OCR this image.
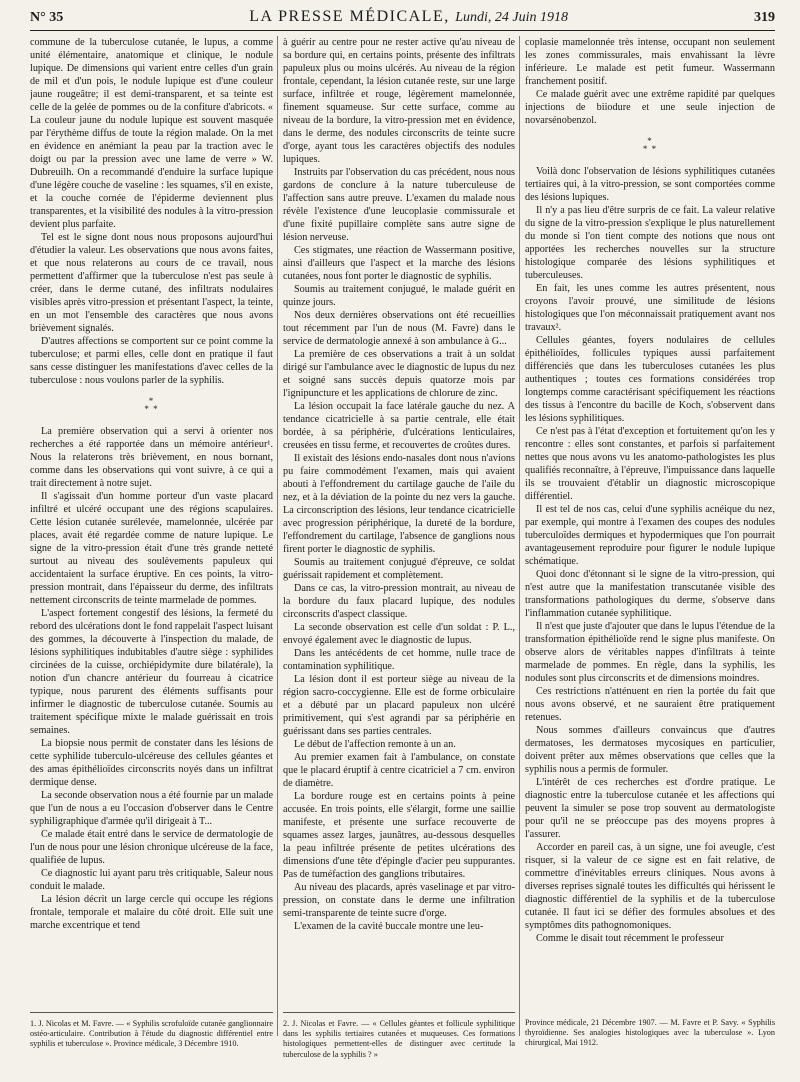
N° 35	LA PRESSE MÉDICALE, Lundi, 24 Juin 1918	319

commune de la tuberculose cutanée, le lupus, a comme unité élémentaire, anatomique et clinique, le nodule lupique. De dimensions qui varient entre celles d'un grain de mil et d'un pois, le nodule lupique est d'une couleur jaune rougeâtre; il est demi-transparent, et sa teinte est celle de la gelée de pommes ou de la confiture d'abricots. « La couleur jaune du nodule lupique est souvent masquée par l'érythème diffus de toute la région malade. On la met en évidence en anémiant la peau par la traction avec le doigt ou par la pression avec une lame de verre » W. Dubreuilh. On a recommandé d'enduire la surface lupique d'une légère couche de vaseline : les squames, s'il en existe, et la couche cornée de l'épiderme deviennent plus transparentes, et la visibilité des nodules à la vitro-pression devient plus parfaite.

Tel est le signe dont nous nous proposons aujourd'hui d'étudier la valeur. Les observations que nous avons faites, et que nous relaterons au cours de ce travail, nous permettent d'affirmer que la tuberculose n'est pas seule à créer, dans le derme cutané, des infiltrats nodulaires visibles après vitro-pression et présentant l'aspect, la teinte, en un mot l'ensemble des caractères que nous avons brièvement signalés.

D'autres affections se comportent sur ce point comme la tuberculose; et parmi elles, celle dont en pratique il faut sans cesse distinguer les manifestations d'avec celles de la tuberculose : nous voulons parler de la syphilis.

*
* *

La première observation qui a servi à orienter nos recherches a été rapportée dans un mémoire antérieur¹. Nous la relaterons très brièvement, en nous bornant, comme dans les observations qui vont suivre, à ce qui a trait directement à notre sujet.

Il s'agissait d'un homme porteur d'un vaste placard infiltré et ulcéré occupant une des régions scapulaires. Cette lésion cutanée surélevée, mamelonnée, ulcérée par places, avait été regardée comme de nature lupique. Le signe de la vitro-pression était d'une très grande netteté surtout au niveau des soulèvements papuleux qui accidentaient la surface éruptive. En ces points, la vitro-pression montrait, dans l'épaisseur du derme, des infiltrats nettement circonscrits de teinte marmelade de pommes.

L'aspect fortement congestif des lésions, la fermeté du rebord des ulcérations dont le fond rappelait l'aspect luisant des gommes, la découverte à l'inspection du malade, de lésions syphilitiques indubitables d'autre siège : syphilides circinées de la cuisse, orchiépidymite dure bilatérale), la notion d'un chancre antérieur du fourreau à cicatrice typique, nous parurent des éléments suffisants pour infirmer le diagnostic de tuberculose cutanée. Soumis au traitement spécifique mixte le malade guérissait en trois semaines.

La biopsie nous permit de constater dans les lésions de cette syphilide tuberculo-ulcéreuse des cellules géantes et des amas épithélioïdes circonscrits noyés dans un infiltrat dermique dense.

La seconde observation nous a été fournie par un malade que l'un de nous a eu l'occasion d'observer dans le Centre syphiligraphique d'armée qu'il dirigeait à T...

Ce malade était entré dans le service de dermatologie de l'un de nous pour une lésion chronique ulcéreuse de la face, qualifiée de lupus.

Ce diagnostic lui ayant paru très critiquable, Saleur nous conduit le malade.

La lésion décrit un large cercle qui occupe les régions frontale, temporale et malaire du côté droit. Elle suit une marche excentrique et tend

à guérir au centre pour ne rester active qu'au niveau de sa bordure qui, en certains points, présente des infiltrats papuleux plus ou moins ulcérés. Au niveau de la région frontale, cependant, la lésion cutanée reste, sur une large surface, infiltrée et rouge, légèrement mamelonnée, finement squameuse. Sur cette surface, comme au niveau de la bordure, la vitro-pression met en évidence, dans le derme, des nodules circonscrits de teinte sucre d'orge, ayant tous les caractères objectifs des nodules lupiques.

Instruits par l'observation du cas précédent, nous nous gardons de conclure à la nature tuberculeuse de l'affection sans autre preuve. L'examen du malade nous révèle l'existence d'une leucoplasie commissurale et d'une fixité pupillaire complète sans autre signe de lésion nerveuse.

Ces stigmates, une réaction de Wassermann positive, ainsi d'ailleurs que l'aspect et la marche des lésions cutanées, nous font porter le diagnostic de syphilis.

Soumis au traitement conjugué, le malade guérit en quinze jours.

Nos deux dernières observations ont été recueillies tout récemment par l'un de nous (M. Favre) dans le service de dermatologie annexé à son ambulance à G...

La première de ces observations a trait à un soldat dirigé sur l'ambulance avec le diagnostic de lupus du nez et soigné sans succès depuis quatorze mois par l'ignipuncture et les applications de chlorure de zinc.

La lésion occupait la face latérale gauche du nez. A tendance cicatricielle à sa partie centrale, elle était bordée, à sa périphérie, d'ulcérations lenticulaires, creusées en tissu ferme, et recouvertes de croûtes dures.

Il existait des lésions endo-nasales dont nous n'avions pu faire commodément l'examen, mais qui avaient abouti à l'effondrement du cartilage gauche de l'aile du nez, et à la déviation de la pointe du nez vers la gauche. La circonscription des lésions, leur tendance cicatricielle avec progression périphérique, la dureté de la bordure, l'effondrement du cartilage, l'absence de ganglions nous firent porter le diagnostic de syphilis.

Soumis au traitement conjugué d'épreuve, ce soldat guérissait rapidement et complètement.

Dans ce cas, la vitro-pression montrait, au niveau de la bordure du faux placard lupique, des nodules circonscrits d'aspect classique.

La seconde observation est celle d'un soldat : P. L., envoyé également avec le diagnostic de lupus.

Dans les antécédents de cet homme, nulle trace de contamination syphilitique.

La lésion dont il est porteur siège au niveau de la région sacro-coccygienne. Elle est de forme orbiculaire et a débuté par un placard papuleux non ulcéré primitivement, qui s'est agrandi par sa périphérie en guérissant dans ses parties centrales.

Le début de l'affection remonte à un an.

Au premier examen fait à l'ambulance, on constate que le placard éruptif à centre cicatriciel a 7 cm. environ de diamètre.

La bordure rouge est en certains points à peine accusée. En trois points, elle s'élargit, forme une saillie manifeste, et présente une surface recouverte de squames assez larges, jaunâtres, au-dessous desquelles la peau infiltrée présente de petites ulcérations des dimensions d'une tête d'épingle d'acier peu suppurantes. Pas de tuméfaction des ganglions tributaires.

Au niveau des placards, après vaselinage et par vitro-pression, on constate dans le derme une infiltration semi-transparente de teinte sucre d'orge.

L'examen de la cavité buccale montre une leu-

coplasie mamelonnée très intense, occupant non seulement les zones commissurales, mais envahissant la lèvre inférieure. Le malade est petit fumeur. Wassermann franchement positif.

Ce malade guérit avec une extrême rapidité par quelques injections de biiodure et une seule injection de novarsénobenzol.

*
* *

Voilà donc l'observation de lésions syphilitiques cutanées tertiaires qui, à la vitro-pression, se sont comportées comme des lésions lupiques.

Il n'y a pas lieu d'être surpris de ce fait. La valeur relative du signe de la vitro-pression s'explique le plus naturellement du monde si l'on tient compte des notions que nous ont apportées les recherches nouvelles sur la structure histologique comparée des lésions syphilitiques et tuberculeuses.

En fait, les unes comme les autres présentent, nous croyons l'avoir prouvé, une similitude de lésions histologiques que l'on méconnaissait pratiquement avant nos travaux².

Cellules géantes, foyers nodulaires de cellules épithélioïdes, follicules typiques aussi parfaitement différenciés que dans les tuberculoses cutanées les plus authentiques ; toutes ces formations considérées trop longtemps comme caractérisant spécifiquement les réactions des tissus à l'encontre du bacille de Koch, s'observent dans les lésions syphilitiques.

Ce n'est pas à l'état d'exception et fortuitement qu'on les y rencontre : elles sont constantes, et parfois si parfaitement nettes que nous avons vu les anatomo-pathologistes les plus qualifiés reconnaître, à l'épreuve, l'impuissance dans laquelle ils se trouvaient d'établir un diagnostic microscopique différentiel.

Il est tel de nos cas, celui d'une syphilis acnéique du nez, par exemple, qui montre à l'examen des coupes des nodules tuberculoïdes dermiques et hypodermiques que l'on pourrait avantageusement reproduire pour figurer le nodule lupique schématique.

Quoi donc d'étonnant si le signe de la vitro-pression, qui n'est autre que la manifestation transcutanée visible des transformations pathologiques du derme, s'observe dans l'inflammation cutanée syphilitique.

Il n'est que juste d'ajouter que dans le lupus l'étendue de la transformation épithélioïde rend le signe plus manifeste. On observe alors de véritables nappes d'infiltrats à teinte marmelade de pommes. En règle, dans la syphilis, les nodules sont plus circonscrits et de dimensions moindres.

Ces restrictions n'atténuent en rien la portée du fait que nous avons observé, et ne sauraient être pratiquement retenues.

Nous sommes d'ailleurs convaincus que d'autres dermatoses, les dermatoses mycosiques en particulier, doivent prêter aux mêmes observations que celles que la syphilis nous a permis de formuler.

L'intérêt de ces recherches est d'ordre pratique. Le diagnostic entre la tuberculose cutanée et les affections qui peuvent la simuler se pose trop souvent au dermatologiste pour qu'il ne se préoccupe pas des moyens propres à l'assurer.

Accorder en pareil cas, à un signe, une foi aveugle, c'est risquer, si la valeur de ce signe est en fait relative, de commettre d'inévitables erreurs cliniques. Nous avons à diverses reprises signalé toutes les difficultés qui hérissent le diagnostic différentiel de la syphilis et de la tuberculose cutanée. Il faut ici se défier des formules absolues et des symptômes dits pathognomoniques.

Comme le disait tout récemment le professeur

1. J. Nicolas et M. Favre. — « Syphilis scrofuloïde cutanée ganglionnaire ostéo-articulaire. Contribution à l'étude du diagnostic différentiel entre syphilis et tuberculose ». Province médicale, 3 Décembre 1910.
2. J. Nicolas et Favre. — « Cellules géantes et follicule syphilitique dans les syphilis tertiaires cutanées et muqueuses. Ces formations histologiques permettent-elles de distinguer avec certitude la tuberculose de la syphilis ? »
Province médicale, 21 Décembre 1907. — M. Favre et P. Savy. « Syphilis thyroïdienne. Ses analogies histologiques avec la tuberculose ». Lyon chirurgical, Mai 1912.
